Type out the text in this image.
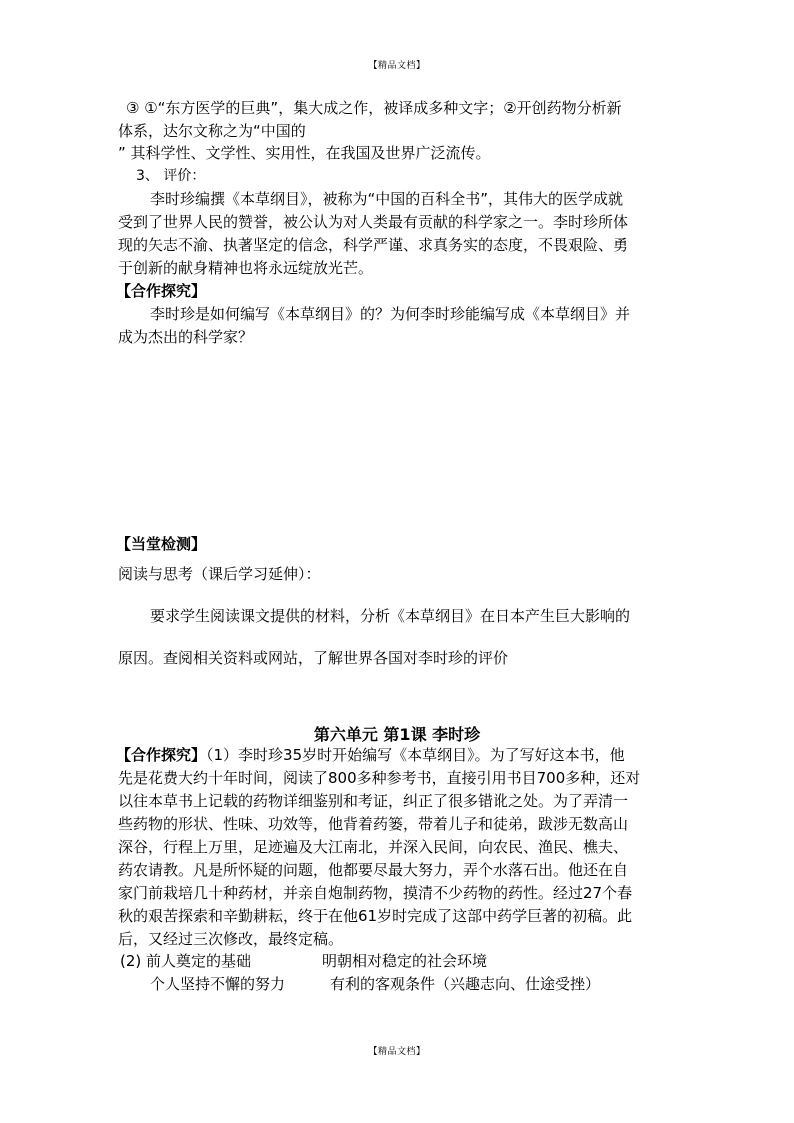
【精品文档】
③ ①“东方医学的巨典”，集大成之作，被译成多种文字；②开创药物分析新
体系，达尔文称之为“中国的
” 其科学性、文学性、实用性，在我国及世界广泛流传。
3、 评价：
李时珍编撰《本草纲目》，被称为“中国的百科全书”，其伟大的医学成就
受到了世界人民的赞誉，被公认为对人类最有贡献的科学家之一。李时珍所体
现的矢志不渝、执著坚定的信念，科学严谨、求真务实的态度，不畏艰险、勇
于创新的献身精神也将永远绽放光芒。
【合作探究】
李时珍是如何编写《本草纲目》的？为何李时珍能编写成《本草纲目》并
成为杰出的科学家？
【当堂检测】
阅读与思考（课后学习延伸）：
要求学生阅读课文提供的材料，分析《本草纲目》在日本产生巨大影响的
原因。查阅相关资料或网站，了解世界各国对李时珍的评价
第六单元 第1课 李时珍
【合作探究】（1）李时珍35岁时开始编写《本草纲目》。为了写好这本书，他
先是花费大约十年时间，阅读了800多种参考书，直接引用书目700多种，还对
以往本草书上记载的药物详细鉴别和考证，纠正了很多错讹之处。为了弄清一
些药物的形状、性味、功效等，他背着药篓，带着儿子和徒弟，跋涉无数高山
深谷，行程上万里，足迹遍及大江南北，并深入民间，向农民、渔民、樵夫、
药农请教。凡是所怀疑的问题，他都要尽最大努力，弄个水落石出。他还在自
家门前栽培几十种药材，并亲自炮制药物，摸清不少药物的药性。经过27个春
秋的艰苦探索和辛勤耕耘，终于在他61岁时完成了这部中药学巨著的初稿。此
后，又经过三次修改，最终定稿。
(2) 前人奠定的基础	明朝相对稳定的社会环境
个人坚持不懈的努力	有利的客观条件（兴趣志向、仕途受挫）
【精品文档】
